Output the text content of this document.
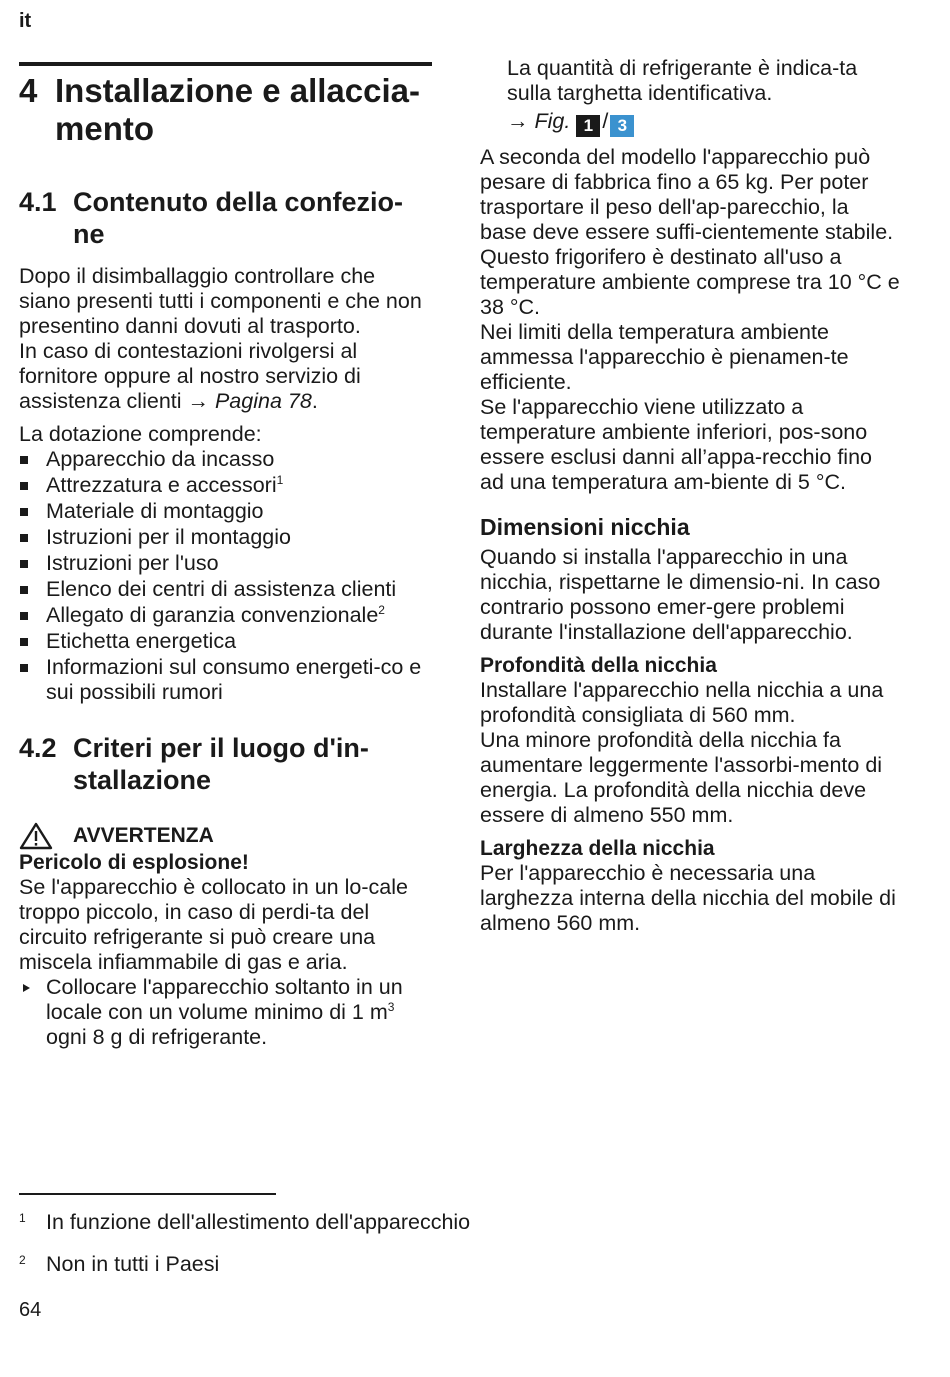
it
4 Installazione e allaccia-mento
4.1 Contenuto della confezio-ne

Dopo il disimballaggio controllare che siano presenti tutti i componenti e che non presentino danni dovuti al trasporto.

In caso di contestazioni rivolgersi al fornitore oppure al nostro servizio di assistenza clienti → Pagina 78.

La dotazione comprende:

Apparecchio da incasso
Attrezzatura e accessori$^1$
Materiale di montaggio
Istruzioni per il montaggio
Istruzioni per l'uso
Elenco dei centri di assistenza clienti
Allegato di garanzia convenzionale$^2$
Etichetta energetica
Informazioni sul consumo energeti-co e sui possibili rumori
4.2 Criteri per il luogo d'in-stallazione
AVVERTENZA
Pericolo di esplosione!

Se l'apparecchio è collocato in un lo-cale troppo piccolo, in caso di perdi-ta del circuito refrigerante si può creare una miscela infiammabile di gas e aria.

Collocare l'apparecchio soltanto in un locale con un volume minimo di 1 $m^3$ ogni 8 g di refrigerante.

La quantità di refrigerante è indica-ta sulla targhetta identificativa.

→ Fig. 1 / 3

A seconda del modello l'apparecchio può pesare di fabbrica fino a 65 kg. Per poter trasportare il peso dell'ap-parecchio, la base deve essere suffi-cientemente stabile.

Questo frigorifero è destinato all'uso a temperature ambiente comprese tra 10 °C e 38 °C.

Nei limiti della temperatura ambiente ammessa l'apparecchio è pienamen-te efficiente.

Se l'apparecchio viene utilizzato a temperature ambiente inferiori, pos-sono essere esclusi danni all’appa-recchio fino ad una temperatura am-biente di 5 °C.

Dimensioni nicchia

Quando si installa l'apparecchio in una nicchia, rispettarne le dimensio-ni. In caso contrario possono emer-gere problemi durante l'installazione dell'apparecchio.

Profondità della nicchia

Installare l'apparecchio nella nicchia a una profondità consigliata di 560 mm.

Una minore profondità della nicchia fa aumentare leggermente l'assorbi-mento di energia. La profondità della nicchia deve essere di almeno 550 mm.

Larghezza della nicchia

Per l'apparecchio è necessaria una larghezza interna della nicchia del mobile di almeno 560 mm.

1 In funzione dell'allestimento dell'apparecchio
2 Non in tutti i Paesi
64
